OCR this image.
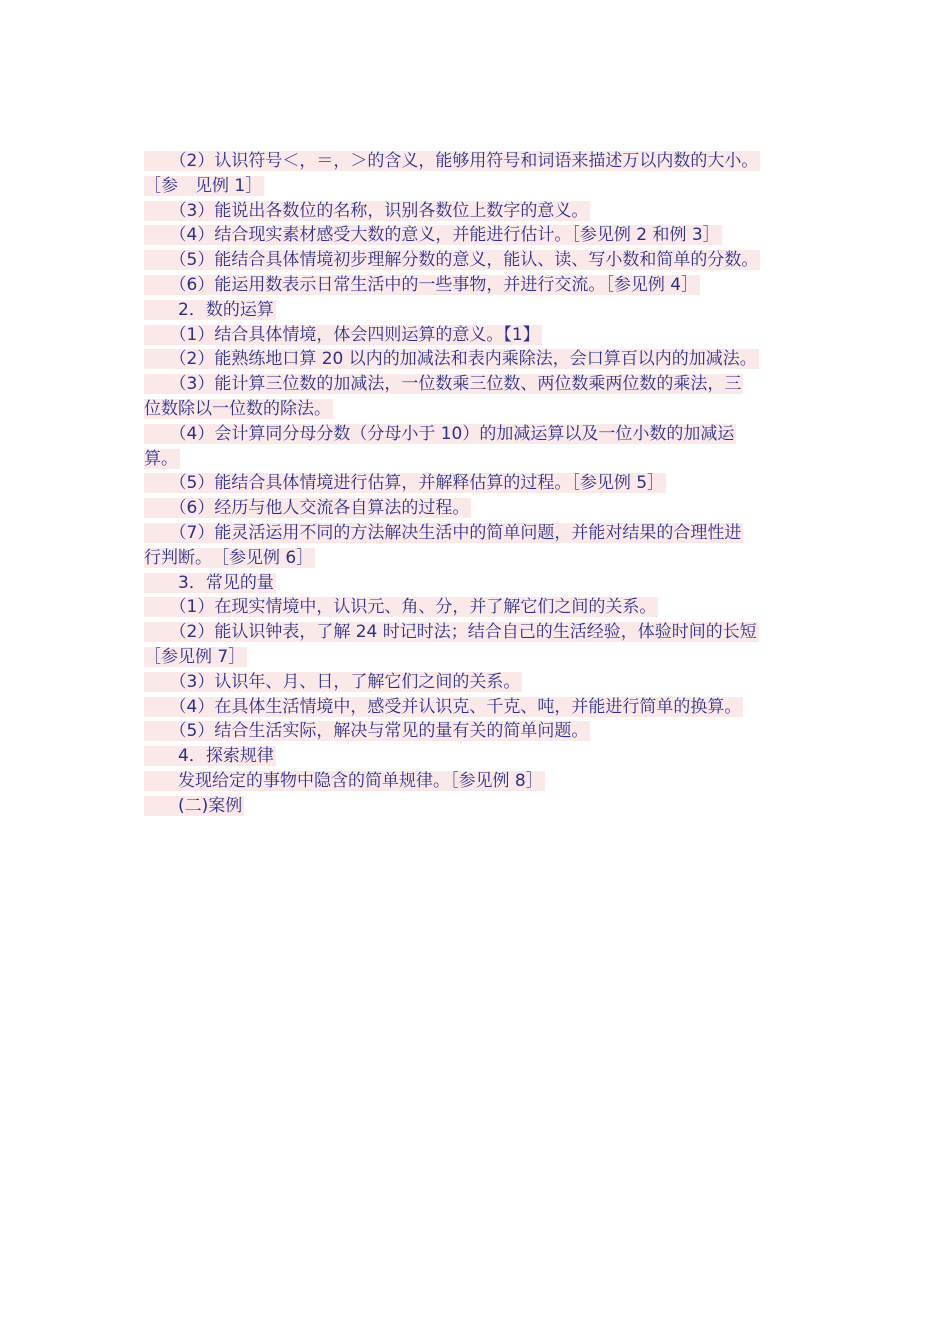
　　（2）认识符号＜，＝，＞的含义，能够用符号和词语来描述万以内数的大小。
［参　见例 1］
　　（3）能说出各数位的名称，识别各数位上数字的意义。
　　（4）结合现实素材感受大数的意义，并能进行估计。［参见例 2 和例 3］
　　（5）能结合具体情境初步理解分数的意义，能认、读、写小数和简单的分数。
　　（6）能运用数表示日常生活中的一些事物，并进行交流。［参见例 4］
　　2．数的运算
　　（1）结合具体情境，体会四则运算的意义。【1】
　　（2）能熟练地口算 20 以内的加减法和表内乘除法，会口算百以内的加减法。
　　（3）能计算三位数的加减法，一位数乘三位数、两位数乘两位数的乘法，三
位数除以一位数的除法。
　　（4）会计算同分母分数（分母小于 10）的加减运算以及一位小数的加减运
算。
　　（5）能结合具体情境进行估算，并解释估算的过程。［参见例 5］
　　（6）经历与他人交流各自算法的过程。
　　（7）能灵活运用不同的方法解决生活中的简单问题，并能对结果的合理性进
行判断。　［参见例 6］
　　3．常见的量
　　（1）在现实情境中，认识元、角、分，并了解它们之间的关系。
　　（2）能认识钟表，了解 24 时记时法；结合自己的生活经验，体验时间的长短
［参见例 7］
　　（3）认识年、月、日，了解它们之间的关系。
　　（4）在具体生活情境中，感受并认识克、千克、吨，并能进行简单的换算。
　　（5）结合生活实际，解决与常见的量有关的简单问题。
　　4．探索规律
　　发现给定的事物中隐含的简单规律。［参见例 8］
　　(二)案例
